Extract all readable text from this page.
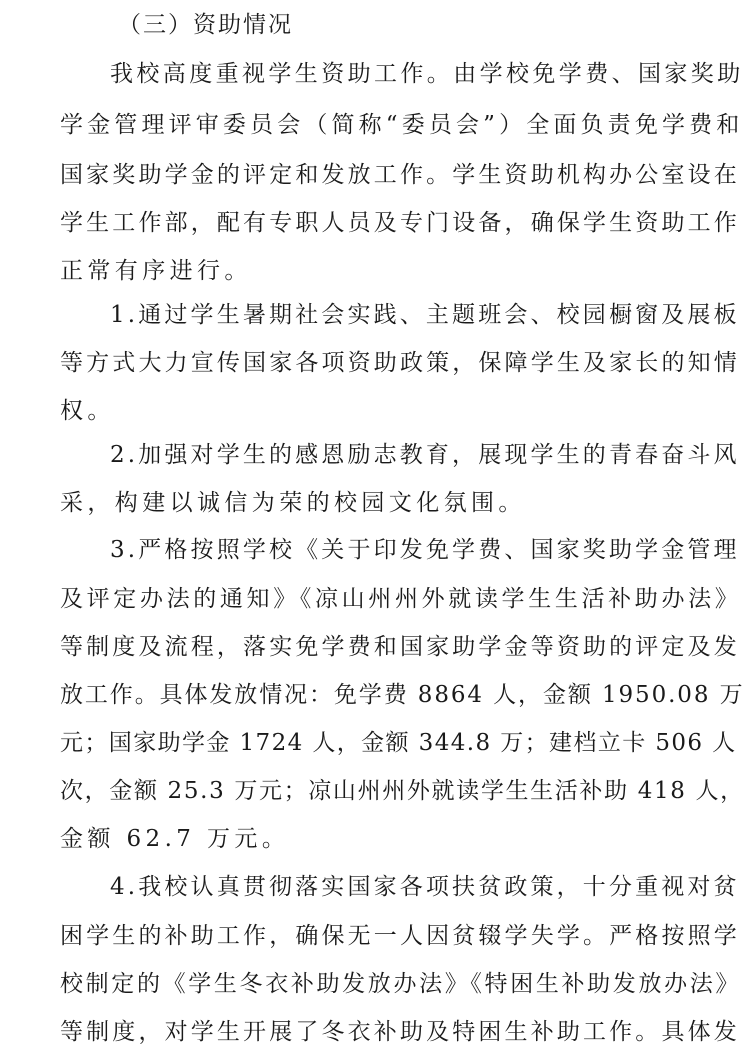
（三）资助情况
我校高度重视学生资助工作。由学校免学费、国家奖助
学金管理评审委员会（简称“委员会”）全面负责免学费和
国家奖助学金的评定和发放工作。学生资助机构办公室设在
学生工作部，配有专职人员及专门设备，确保学生资助工作
正常有序进行。
1.通过学生暑期社会实践、主题班会、校园橱窗及展板
等方式大力宣传国家各项资助政策，保障学生及家长的知情
权。
2.加强对学生的感恩励志教育，展现学生的青春奋斗风
采，构建以诚信为荣的校园文化氛围。
3.严格按照学校《关于印发免学费、国家奖助学金管理
及评定办法的通知》《凉山州州外就读学生生活补助办法》
等制度及流程，落实免学费和国家助学金等资助的评定及发
放工作。具体发放情况：免学费 8864 人，金额 1950.08 万
元；国家助学金 1724 人，金额 344.8 万；建档立卡 506 人
次，金额 25.3 万元；凉山州州外就读学生生活补助 418 人，
金额 62.7 万元。
4.我校认真贯彻落实国家各项扶贫政策，十分重视对贫
困学生的补助工作，确保无一人因贫辍学失学。严格按照学
校制定的《学生冬衣补助发放办法》《特困生补助发放办法》
等制度，对学生开展了冬衣补助及特困生补助工作。具体发
